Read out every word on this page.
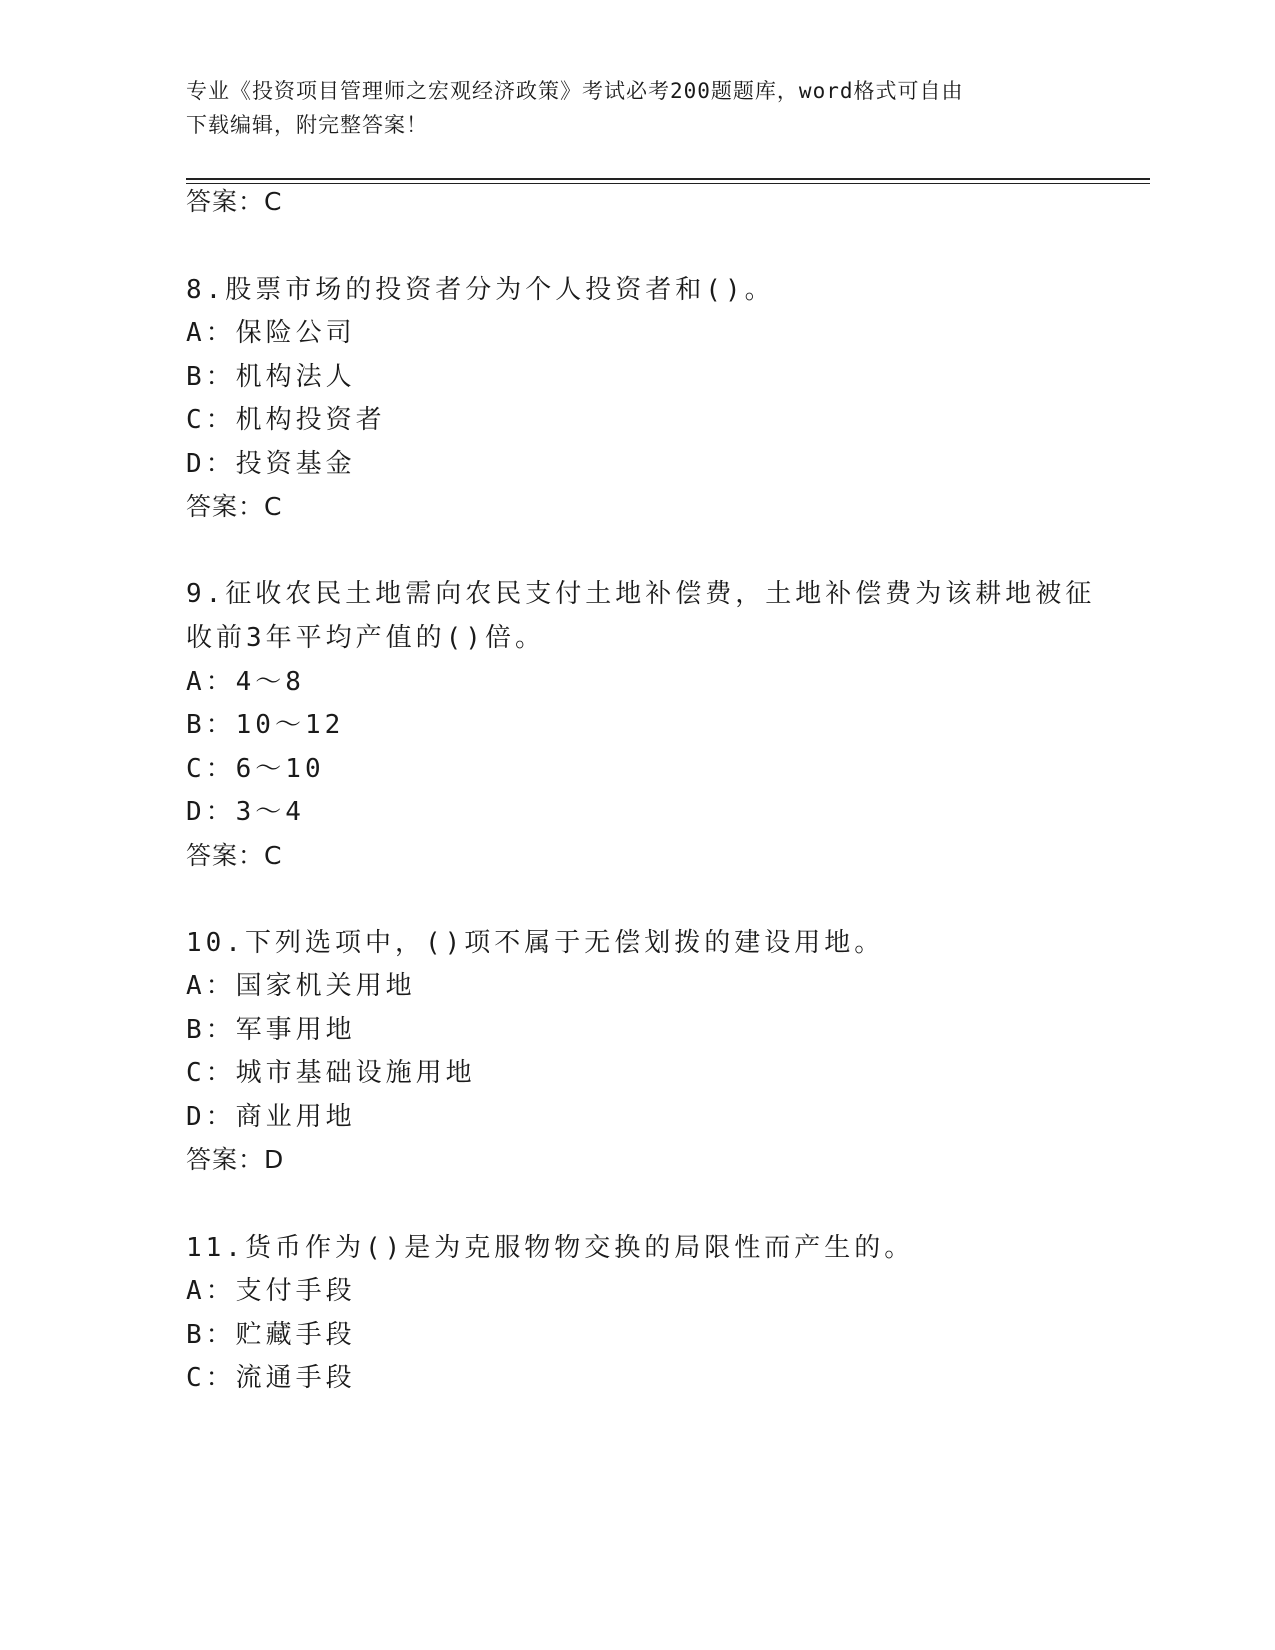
专业《投资项目管理师之宏观经济政策》考试必考200题题库，word格式可自由
下载编辑，附完整答案！
答案：C
8.股票市场的投资者分为个人投资者和()。
A：保险公司
B：机构法人
C：机构投资者
D：投资基金
答案：C
9.征收农民土地需向农民支付土地补偿费，土地补偿费为该耕地被征
收前3年平均产值的()倍。
A：4～8
B：10～12
C：6～10
D：3～4
答案：C
10.下列选项中，()项不属于无偿划拨的建设用地。
A：国家机关用地
B：军事用地
C：城市基础设施用地
D：商业用地
答案：D
11.货币作为()是为克服物物交换的局限性而产生的。
A：支付手段
B：贮藏手段
C：流通手段
